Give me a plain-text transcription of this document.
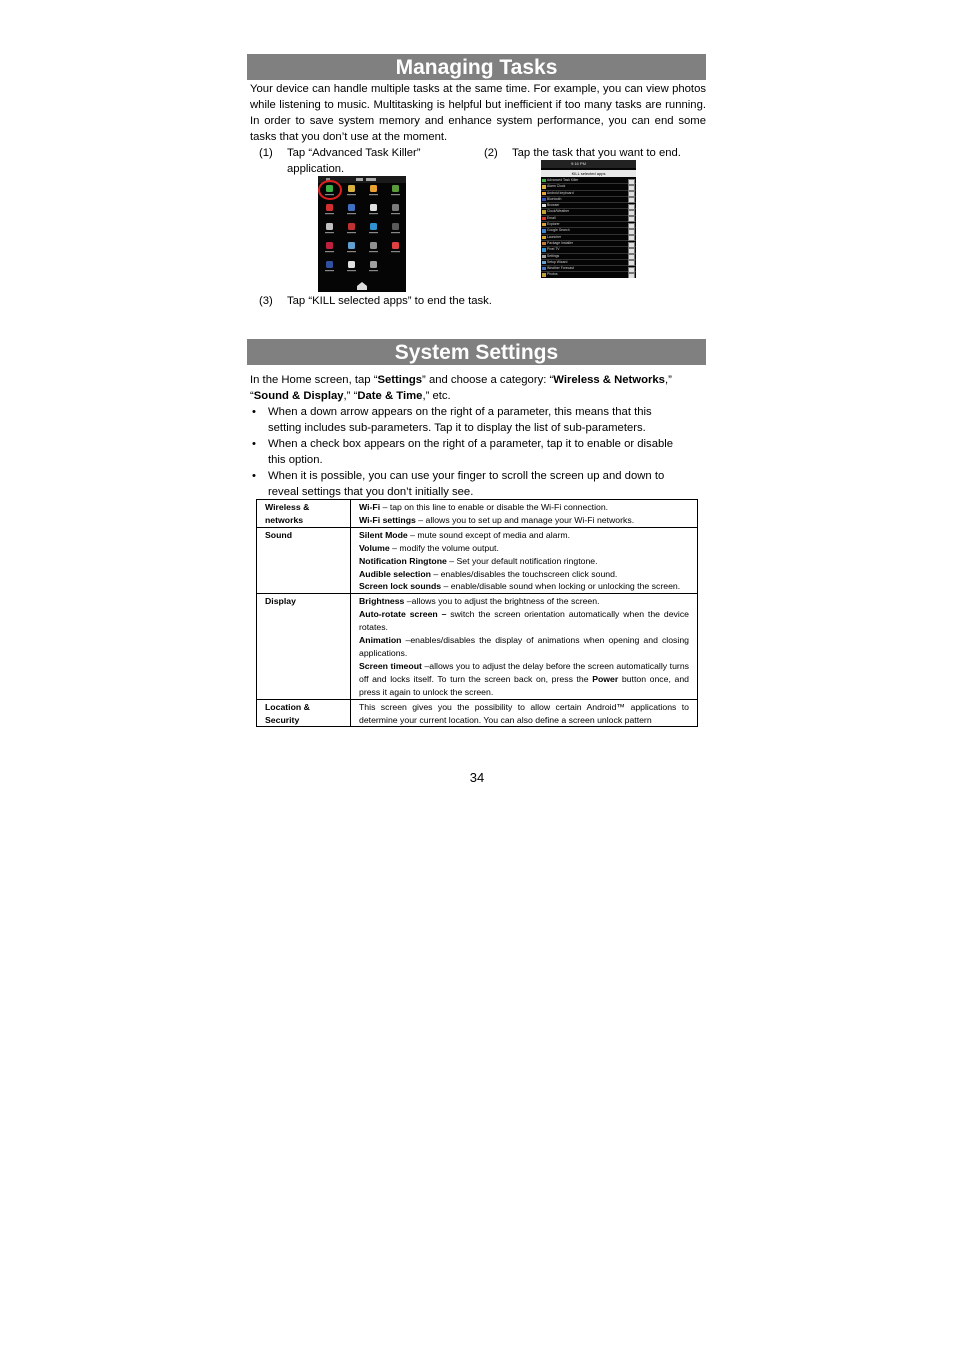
Managing Tasks
Your device can handle multiple tasks at the same time. For example, you can view photos while listening to music. Multitasking is helpful but inefficient if too many tasks are running. In order to save system memory and enhance system performance, you can end some tasks that you don’t use at the moment.
(1) Tap “Advanced Task Killer”
application.
(2) Tap the task that you want to end.
9:16 PM
KILL selected apps
Advanced Task Killer
Alarm Clock
Android keyboard
Bluetooth
Browser
Clock/Weather
Email
Explorer
Google Search
Launcher
Package Installer
Pixel TV
Settings
Setup Wizard
Weather Forecast
Photos
(3) Tap “KILL selected apps” to end the task.
System Settings
In the Home screen, tap “Settings” and choose a category: “Wireless & Networks,”
“Sound & Display,” “Date & Time,” etc.
• When a down arrow appears on the right of a parameter, this means that this
setting includes sub-parameters. Tap it to display the list of sub-parameters.
• When a check box appears on the right of a parameter, tap it to enable or disable
this option.
• When it is possible, you can use your finger to scroll the screen up and down to
reveal settings that you don’t initially see.
Wireless & networks	Wi-Fi – tap on this line to enable or disable the Wi-Fi connection.
Wi-Fi settings – allows you to set up and manage your Wi-Fi networks.

Sound	Silent Mode – mute sound except of media and alarm.
Volume – modify the volume output.
Notification Ringtone – Set your default notification ringtone.
Audible selection – enables/disables the touchscreen click sound.
Screen lock sounds – enable/disable sound when locking or unlocking the screen.

Display	Brightness –allows you to adjust the brightness of the screen.
Auto-rotate screen – switch the screen orientation automatically when the device rotates.
Animation –enables/disables the display of animations when opening and closing applications.
Screen timeout –allows you to adjust the delay before the screen automatically turns off and locks itself. To turn the screen back on, press the Power button once, and press it again to unlock the screen.

Location & Security	This screen gives you the possibility to allow certain Android™ applications to determine your current location. You can also define a screen unlock pattern
34
